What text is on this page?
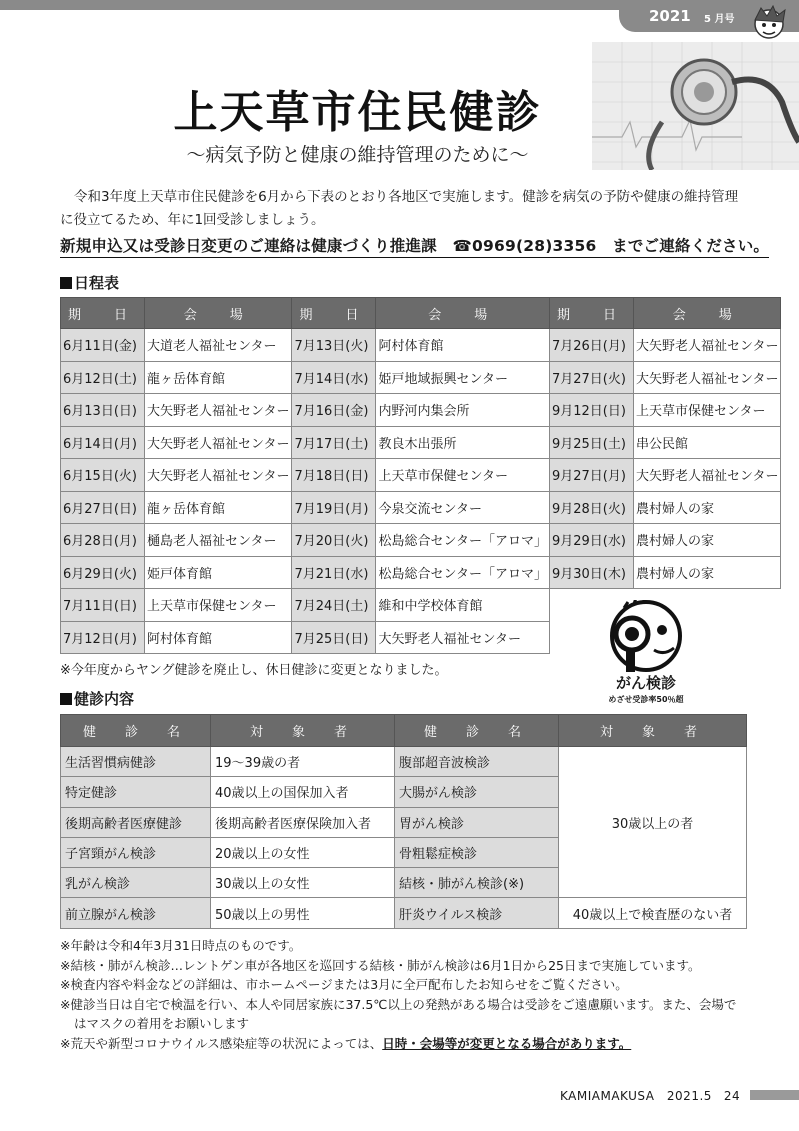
2021 5 月号
上天草市住民健診
～病気予防と健康の維持管理のために～

令和3年度上天草市住民健診を6月から下表のとおり各地区で実施します。健診を病気の予防や健康の維持管理に役立てるため、年に1回受診しましょう。

新規申込又は受診日変更のご連絡は健康づくり推進課　☎0969(28)3356　までご連絡ください。
日程表
期　日	会　場	期　日	会　場	期　日	会　場
6月11日(金)	大道老人福祉センター	7月13日(火)	阿村体育館	7月26日(月)	大矢野老人福祉センター
6月12日(土)	龍ヶ岳体育館	7月14日(水)	姫戸地域振興センター	7月27日(火)	大矢野老人福祉センター
6月13日(日)	大矢野老人福祉センター	7月16日(金)	内野河内集会所	9月12日(日)	上天草市保健センター
6月14日(月)	大矢野老人福祉センター	7月17日(土)	教良木出張所	9月25日(土)	串公民館
6月15日(火)	大矢野老人福祉センター	7月18日(日)	上天草市保健センター	9月27日(月)	大矢野老人福祉センター
6月27日(日)	龍ヶ岳体育館	7月19日(月)	今泉交流センター	9月28日(火)	農村婦人の家
6月28日(月)	樋島老人福祉センター	7月20日(火)	松島総合センター「アロマ」	9月29日(水)	農村婦人の家
6月29日(火)	姫戸体育館	7月21日(水)	松島総合センター「アロマ」	9月30日(木)	農村婦人の家
7月11日(日)	上天草市保健センター	7月24日(土)	維和中学校体育館		
7月12日(月)	阿村体育館	7月25日(日)	大矢野老人福祉センター		
※今年度からヤング健診を廃止し、休日健診に変更となりました。
がん検診
めざせ受診率50％超
健診内容
健　診　名	対　象　者	健　診　名	対　象　者
生活習慣病健診	19～39歳の者	腹部超音波検診	30歳以上の者
特定健診	40歳以上の国保加入者	大腸がん検診	
後期高齢者医療健診	後期高齢者医療保険加入者	胃がん検診	
子宮頸がん検診	20歳以上の女性	骨粗鬆症検診	
乳がん検診	30歳以上の女性	結核・肺がん検診(※)	
前立腺がん検診	50歳以上の男性	肝炎ウイルス検診	40歳以上で検査歴のない者

※年齢は令和4年3月31日時点のものです。

※結核・肺がん検診…レントゲン車が各地区を巡回する結核・肺がん検診は6月1日から25日まで実施しています。

※検査内容や料金などの詳細は、市ホームページまたは3月に全戸配布したお知らせをご覧ください。

※健診当日は自宅で検温を行い、本人や同居家族に37.5℃以上の発熱がある場合は受診をご遠慮願います。また、会場で

はマスクの着用をお願いします

※荒天や新型コロナウイルス感染症等の状況によっては、日時・会場等が変更となる場合があります。

KAMIAMAKUSA　2021.5 24
